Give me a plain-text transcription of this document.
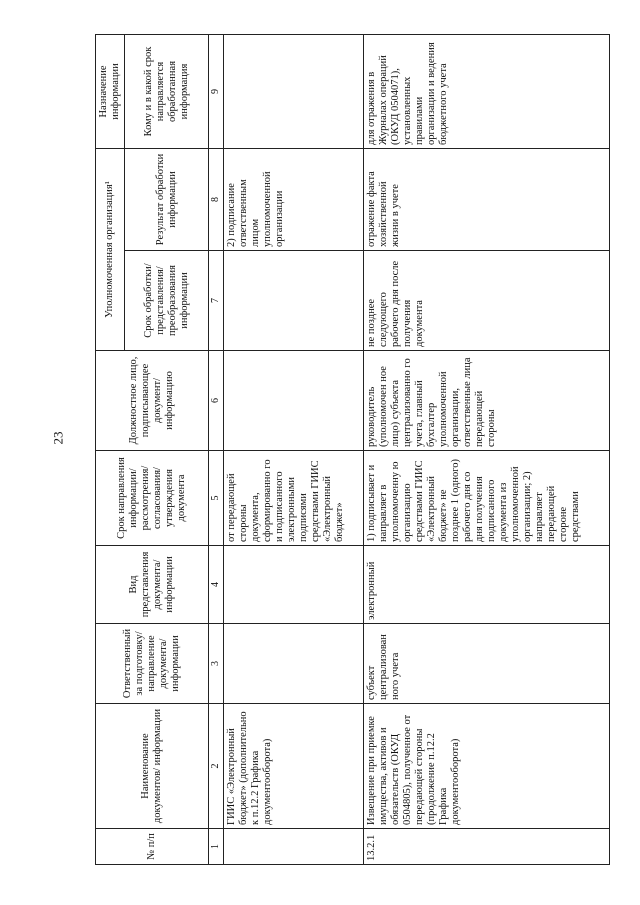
23
№ п/п	Наименование документов/ информации	Ответственный за подготовку/ направление документа/ информации	Вид представления документа/ информации	Срок направления информации/ рассмотрения/ согласования/ утверждения документа	Должностное лицо, подписывающее документ/ информацию	Уполномоченная организация¹		Назначение информации
						Срок обработки/ представления/ преобразования информации	Результат обработки информации	Кому и в какой срок направляется обработанная информация
1	2	3	4	5	6	7	8	9
	ГИИС «Электронный бюджет» (дополнительно к п.12.2 Графика документооборота)			от передающей стороны документа, сформированно го и подписанного электронными подписями средствами ГИИС «Электронный бюджет»			2) подписание ответственным лицом уполномоченной организации	
13.2.1	Извещение при приемке имущества, активов и обязательств (ОКУД 0504805), полученное от передающей стороны (продолжение п.12.2 Графика документооборота)	субъект централизован ного учета	электронный	1) подписывает и направляет в уполномоченну ю организацию средствами ГИИС «Электронный бюджет» не позднее 1 (одного) рабочего дня со дня получения подписанного документа из уполномоченной организации; 2) направляет передающей стороне средствами	руководитель (уполномочен ное лицо) субъекта централизованно го учета, главный бухгалтер уполномоченной организации, ответственные лица передающей стороны	не позднее следующего рабочего дня после получения документа	отражение факта хозяйственной жизни в учете	для отражения в Журналах операций (ОКУД 0504071), установленных правилами организации и ведения бюджетного учета
